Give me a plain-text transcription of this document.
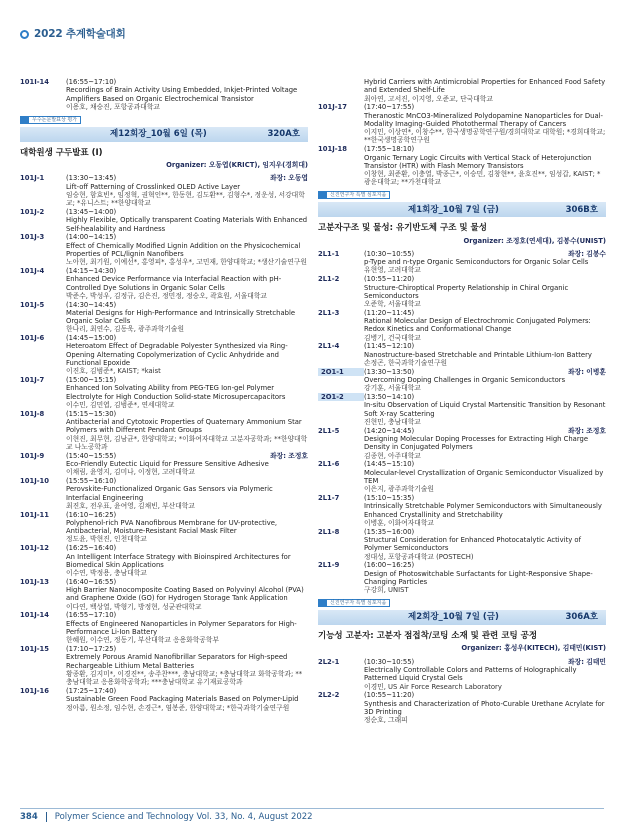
2022 추계학술대회
101I-14	(16:55~17:10)
Recordings of Brain Activity Using Embedded, Inkjet-Printed Voltage Amplifiers Based on Organic Electrochemical Transistor
이용호, 채승진, 포항공과대학교
우수논문발표상 평가
제12회장_10월 6일 (목)	320A호
대학원생 구두발표 (I)
Organizer: 오동엽(KRICT), 임지우(경희대)
101J-1	(13:30~13:45)	좌장: 오동엽
Lift-off Patterning of Crosslinked OLED Active Layer
임승현, 함효빈*, 임정혁, 권혁인**, 한동현, 김도환**, 김형수*, 정운성, 서강대학교; *유니스트; **한양대학교
101J-2	(13:45~14:00)
Highly Flexible, Optically transparent Coating Materials With Enhanced Self-healability and Hardness
101J-3	(14:00~14:15)
Effect of Chemically Modified Lignin Addition on the Physicochemical Properties of PCL/lignin Nanofibers
노아현, 최기원, 이예선*, 홍영피*, 홍성우*, 고민재, 한양대학교; *생산기술연구원
101J-4	(14:15~14:30)
Enhanced Device Performance via Interfacial Reaction with pH-Controlled Dye Solutions in Organic Solar Cells
박준수, 박성우, 김정규, 김은진, 정민정, 정승오, 곽효원, 서울대학교
101J-5	(14:30~14:45)
Material Designs for High-Performance and Intrinsically Stretchable Organic Solar Cells
한나리, 최연수, 김동욱, 광주과학기술원
101J-6	(14:45~15:00)
Heteroatom Effect of Degradable Polyester Synthesized via Ring-Opening Alternating Copolymerization of Cyclic Anhydride and Functional Epoxide
이진호, 김범준*, KAIST; *kaist
101J-7	(15:00~15:15)
Enhanced Ion Solvating Ability from PEG-TEG Ion-gel Polymer Electrolyte for High Conduction Solid-state Microsupercapacitors
이수민, 김민엽, 김범준*, 연세대학교
101J-8	(15:15~15:30)
Antibacterial and Cytotoxic Properties of Quaternary Ammonium Star Polymers with Different Pendant Groups
이현진, 최무현, 김남균*, 한양대학교; *이화여자대학교 고분자공학과; **한양대학교 나노공학과
101J-9	(15:40~15:55)	좌장: 조정호
Eco-Friendly Eutectic Liquid for Pressure Sensitive Adhesive
이채림, 윤영지, 김미나, 이정현, 고려대학교
101J-10	(15:55~16:10)
Perovskite-Functionalized Organic Gas Sensors via Polymeric Interfacial Engineering
최진호, 전우표, 윤여영, 김채빈, 부산대학교
101J-11	(16:10~16:25)
Polyphenol-rich PVA Nanofibrous Membrane for UV-protective, Antibacterial, Moisture-Resistant Facial Mask Filter
정도윤, 박현진, 인천대학교
101J-12	(16:25~16:40)
An Intelligent Interface Strategy with Bioinspired Architectures for Biomedical Skin Applications
이수연, 박정용, 충남대학교
101J-13	(16:40~16:55)
High Barrier Nanocomposite Coating Based on Polyvinyl Alcohol (PVA) and Graphene Oxide (GO) for Hydrogen Storage Tank Application
이다연, 백상열, 박형기, 방정현, 성균관대학교
101J-14	(16:55~17:10)
Effects of Engineered Nanoparticles in Polymer Separators for High-Performance Li-Ion Battery
한혜원, 이수연, 정동기, 부산대학교 응용화학공학부
101J-15	(17:10~17:25)
Extremely Porous Aramid Nanofibrillar Separators for High-speed Rechargeable Lithium Metal Batteries
황종환, 김지미*, 이경진**, 송주찬***, 충남대학교; *충남대학교 화학공학과; **충남대학교 응용화학공학과; ***충남대학교 유기재료공학과
101J-16	(17:25~17:40)
Sustainable Green Food Packaging Materials Based on Polymer-Lipid
정아름, 원소정, 임수현, 손경근*, 염봉준, 한양대학교; *한국과학기술연구원
Hybrid Carriers with Antimicrobial Properties for Enhanced Food Safety and Extended Shelf-Life
최아연, 고서진, 이지영, 오준교, 단국대학교
101J-17	(17:40~17:55)
Theranostic MnCO3-Mineralized Polydopamine Nanoparticles for Dual-Modality Imaging-Guided Photothermal Therapy of Cancers
이지민, 이상연*, 이창수**, 한국생명공학연구원/경희대학교 대학원; *경희대학교; **한국생명공학연구원
101J-18	(17:55~18:10)
Organic Ternary Logic Circuits with Vertical Stack of Heterojunction Transistor (HTR) with Flash Memory Transistors
이창현, 최준환, 이충열, 박종근*, 이승민, 김창현**, 윤호진**, 임성갑, KAIST; *광운대학교; **가천대학교
신진연구자 특별 심포지움
제1회장_10월 7일 (금)	306B호
고분자구조 및 물성: 유기반도체 구조 및 물성
Organizer: 조정호(연세대), 김봉수(UNIST)
2L1-1	(10:30~10:55)	좌장: 김봉수
p-Type and n-type Organic Semiconductors for Organic Solar Cells
유현영, 고려대학교
2L1-2	(10:55~11:20)
Structure-Chiroptical Property Relationship in Chiral Organic Semiconductors
오준학, 서울대학교
2L1-3	(11:20~11:45)
Rational Molecular Design of Electrochromic Conjugated Polymers: Redox Kinetics and Conformational Change
김병기, 건국대학교
2L1-4	(11:45~12:10)
Nanostructure-based Stretchable and Printable Lithium-Ion Battery
손정곤, 한국과학기술연구원
2O1-1	(13:30~13:50)	좌장: 이병훈
Overcoming Doping Challenges in Organic Semiconductors
강기훈, 서울대학교
2O1-2	(13:50~14:10)
In-situ Observation of Liquid Crystal Martensitic Transition by Resonant Soft X-ray Scattering
진현민, 충남대학교
2L1-5	(14:20~14:45)	좌장: 조정호
Designing Molecular Doping Processes for Extracting High Charge Density in Conjugated Polymers
김종현, 아주대학교
2L1-6	(14:45~15:10)
Molecular-level Crystallization of Organic Semiconductor Visualized by TEM
이은지, 광주과학기술원
2L1-7	(15:10~15:35)
Intrinsically Stretchable Polymer Semiconductors with Simultaneously Enhanced Crystallinity and Stretchability
이병훈, 이화여자대학교
2L1-8	(15:35~16:00)
Structural Consideration for Enhanced Photocatalytic Activity of Polymer Semiconductors
정대성, 포항공과대학교 (POSTECH)
2L1-9	(16:00~16:25)
Design of Photoswitchable Surfactants for Light-Responsive Shape-Changing Particles
구강희, UNIST
신진연구자 특별 심포지움
제2회장_10월 7일 (금)	306A호
기능성 고분자: 고분자 점접착/코팅 소재 및 관련 코팅 공정
Organizer: 홍성우(KITECH), 김태민(KIST)
2L2-1	(10:30~10:55)	좌장: 김태민
Electrically Controllable Colors and Patterns of Holographically Patterned Liquid Crystal Gels
이경민, US Air Force Research Laboratory
2L2-2	(10:55~11:20)
Synthesis and Characterization of Photo-Curable Urethane Acrylate for 3D Printing
정순호, 그래피
384 Polymer Science and Technology Vol. 33, No. 4, August 2022
